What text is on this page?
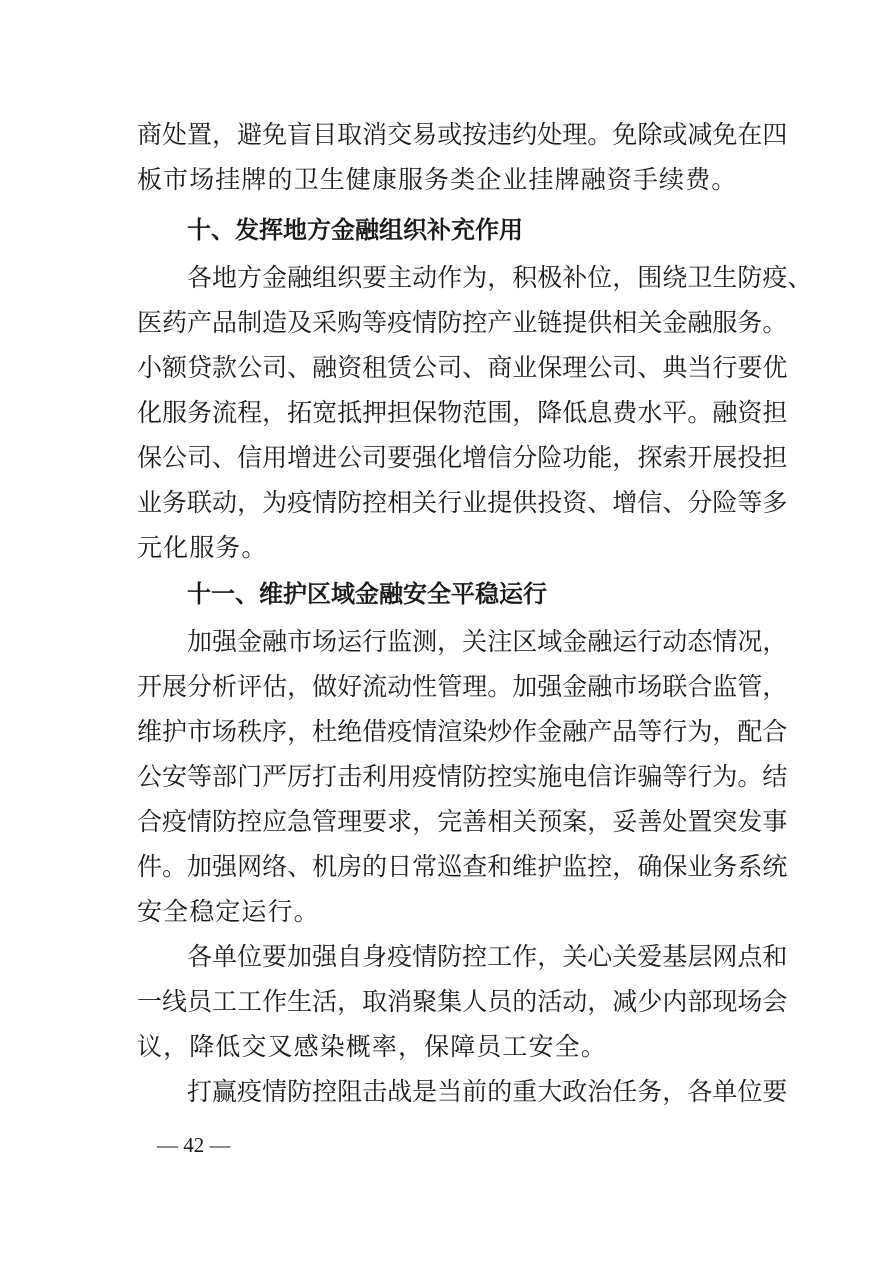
商 处 置 ， 避 免 盲 目 取 消 交 易 或 按 违 约 处 理 。 免 除 或 减 免 在 四
板市场挂牌的卫生健康服务类企业挂牌融资手续费。
十、发挥地方金融组织补充作用
各 地 方 金 融 组 织 要 主 动 作 为 ， 积 极 补 位 ， 围 绕 卫 生 防 疫 、
医 药 产 品 制 造 及 采 购 等 疫 情 防 控 产 业 链 提 供 相 关 金 融 服 务 。
小 额 贷 款 公 司 、 融 资 租 赁 公 司 、 商 业 保 理 公 司 、 典 当 行 要 优
化 服 务 流 程 ， 拓 宽 抵 押 担 保 物 范 围 ， 降 低 息 费 水 平 。 融 资 担
保 公 司 、 信 用 增 进 公 司 要 强 化 增 信 分 险 功 能 ， 探 索 开 展 投 担
业 务 联 动 ， 为 疫 情 防 控 相 关 行 业 提 供 投 资 、 增 信 、 分 险 等 多
元化服务。
十一、维护区域金融安全平稳运行
加 强 金 融 市 场 运 行 监 测 ， 关 注 区 域 金 融 运 行 动 态 情 况 ，
开 展 分 析 评 估 ， 做 好 流 动 性 管 理 。 加 强 金 融 市 场 联 合 监 管 ，
维 护 市 场 秩 序 ， 杜 绝 借 疫 情 渲 染 炒 作 金 融 产 品 等 行 为 ， 配 合
公 安 等 部 门 严 厉 打 击 利 用 疫 情 防 控 实 施 电 信 诈 骗 等 行 为 。 结
合 疫 情 防 控 应 急 管 理 要 求 ， 完 善 相 关 预 案 ， 妥 善 处 置 突 发 事
件 。 加 强 网 络 、 机 房 的 日 常 巡 查 和 维 护 监 控 ， 确 保 业 务 系 统
安全稳定运行。
各 单 位 要 加 强 自 身 疫 情 防 控 工 作 ， 关 心 关 爱 基 层 网 点 和
一 线 员 工 工 作 生 活 ， 取 消 聚 集 人 员 的 活 动 ， 减 少 内 部 现 场 会
议，降低交叉感染概率，保障员工安全。
打 赢 疫 情 防 控 阻 击 战 是 当 前 的 重 大 政 治 任 务 ， 各 单 位 要
— 42 —
